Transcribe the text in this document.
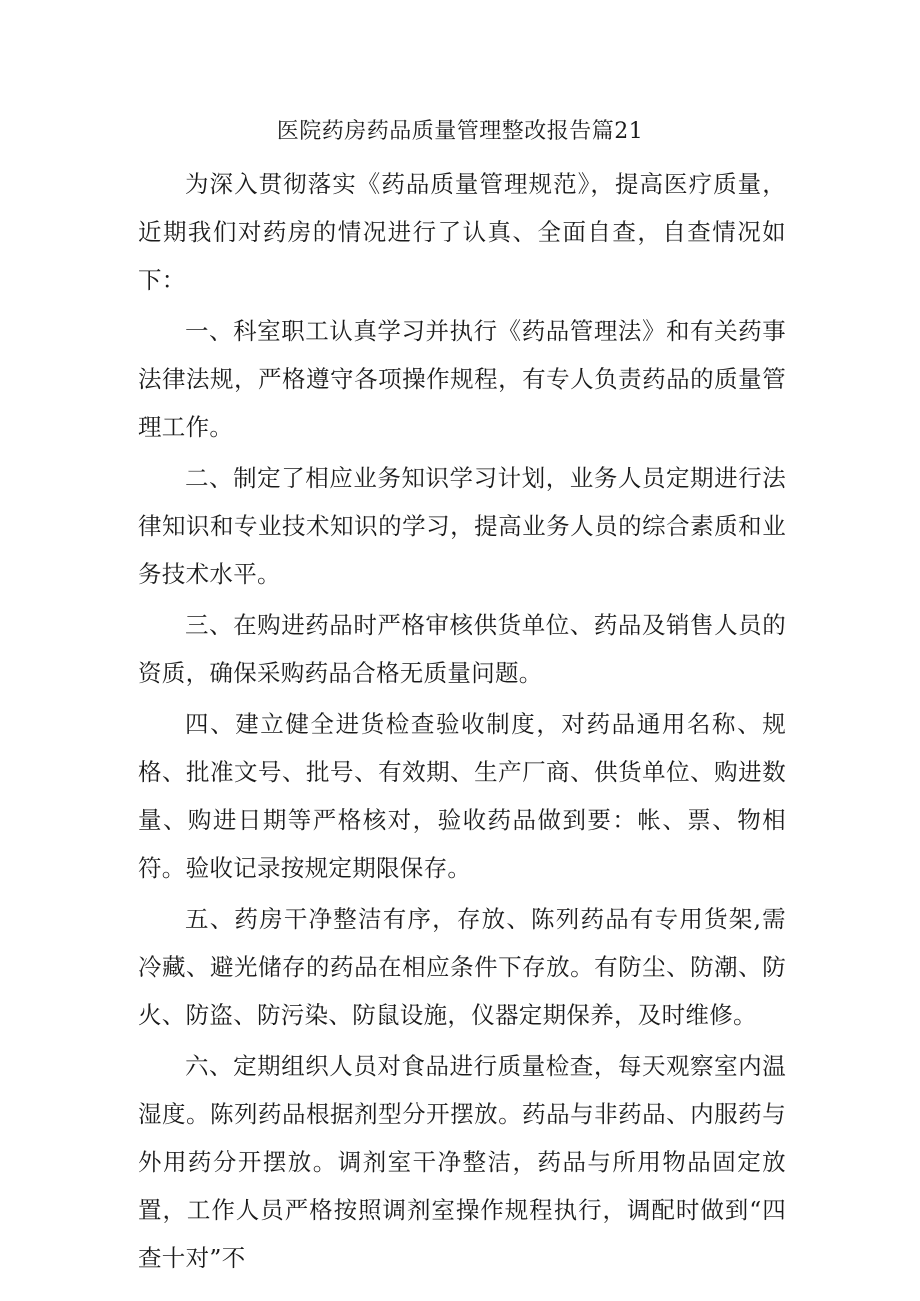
医院药房药品质量管理整改报告篇21

为深入贯彻落实《药品质量管理规范》，提高医疗质量，近期我们对药房的情况进行了认真、全面自查，自查情况如下：

一、科室职工认真学习并执行《药品管理法》和有关药事法律法规，严格遵守各项操作规程，有专人负责药品的质量管理工作。

二、制定了相应业务知识学习计划，业务人员定期进行法律知识和专业技术知识的学习，提高业务人员的综合素质和业务技术水平。

三、在购进药品时严格审核供货单位、药品及销售人员的资质，确保采购药品合格无质量问题。

四、建立健全进货检查验收制度，对药品通用名称、规格、批准文号、批号、有效期、生产厂商、供货单位、购进数量、购进日期等严格核对，验收药品做到要：帐、票、物相符。验收记录按规定期限保存。

五、药房干净整洁有序，存放、陈列药品有专用货架,需冷藏、避光储存的药品在相应条件下存放。有防尘、防潮、防火、防盗、防污染、防鼠设施，仪器定期保养，及时维修。

六、定期组织人员对食品进行质量检查，每天观察室内温湿度。陈列药品根据剂型分开摆放。药品与非药品、内服药与外用药分开摆放。调剂室干净整洁，药品与所用物品固定放置，工作人员严格按照调剂室操作规程执行，调配时做到“四查十对”不
